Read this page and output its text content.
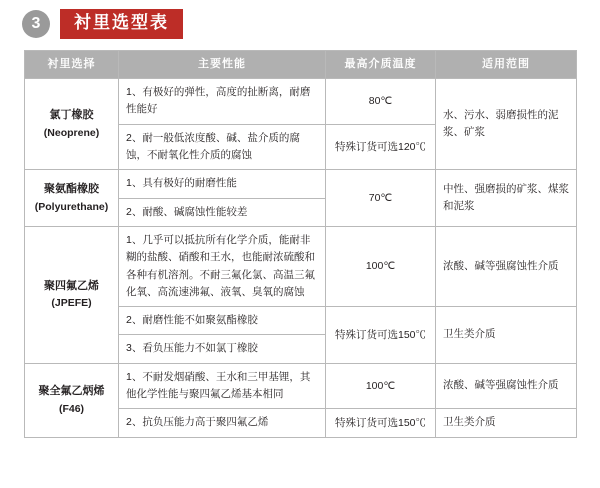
3	衬里选型表
衬里选择	主要性能	最高介质温度	适用范围
氯丁橡胶
(Neoprene)	1、有极好的弹性，高度的扯断离，耐磨性能好	80℃	水、污水、弱磨损性的泥浆、矿浆
	2、耐一般低浓度酸、碱、盐介质的腐蚀，不耐氧化性介质的腐蚀	特殊订货可选120℃	
聚氨酯橡胶
(Polyurethane)	1、具有极好的耐磨性能	70℃	中性、强磨损的矿浆、煤浆和泥浆
	2、耐酸、碱腐蚀性能较差		
聚四氟乙烯
(JPEFE)	1、几乎可以抵抗所有化学介质，能耐非糊的盐酸、硝酸和王水，也能耐浓硫酸和各种有机溶剂。不耐三氟化氯、高温三氟化氧、高流速沸氟、液氧、臭氧的腐蚀	100℃	浓酸、碱等强腐蚀性介质
	2、耐磨性能不如聚氨酯橡胶	特殊订货可选150℃	卫生类介质
	3、看负压能力不如氯丁橡胶		
聚全氟乙炳烯
(F46)	1、不耐发烟硝酸、王水和三甲基锂，其他化学性能与聚四氟乙烯基本相同	100℃	浓酸、碱等强腐蚀性介质
	2、抗负压能力高于聚四氟乙烯	特殊订货可选150℃	卫生类介质
